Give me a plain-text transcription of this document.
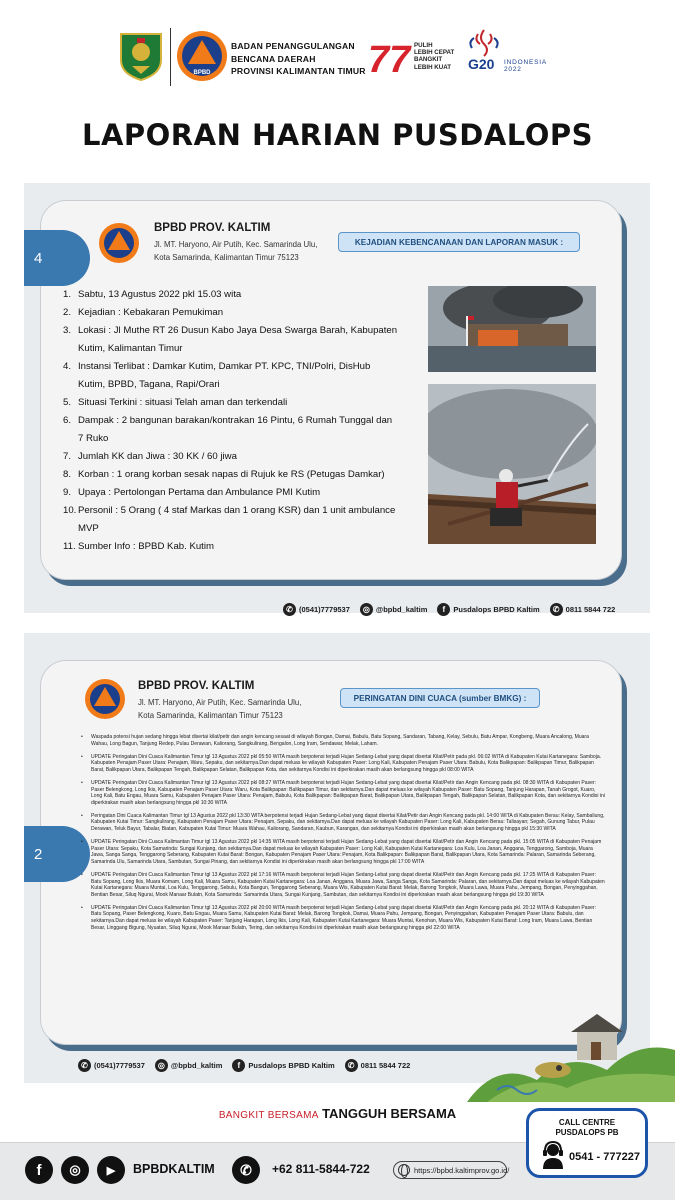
BPBD
BADAN PENANGGULANGAN
BENCANA DAERAH
PROVINSI KALIMANTAN TIMUR 77 PULIH
LEBIH CEPAT
BANGKIT
LEBIH KUAT G20 INDONESIA
2022
LAPORAN HARIAN PUSDALOPS
4
BPBD PROV. KALTIM
Jl. MT. Haryono, Air Putih, Kec. Samarinda Ulu,
Kota Samarinda, Kalimantan Timur 75123
KEJADIAN KEBENCANAAN DAN LAPORAN MASUK :
1. Sabtu, 13 Agustus 2022 pkl 15.03 wita
2. Kejadian : Kebakaran Pemukiman
3. Lokasi : Jl Muthe RT 26 Dusun Kabo Jaya Desa Swarga Barah, Kabupaten
Kutim, Kalimantan Timur
4. Instansi Terlibat : Damkar Kutim, Damkar PT. KPC, TNI/Polri, DisHub
Kutim, BPBD, Tagana, Rapi/Orari
5. Situasi Terkini : situasi Telah aman dan terkendali
6. Dampak : 2 bangunan barakan/kontrakan 16 Pintu, 6 Rumah Tunggal dan
7 Ruko
7. Jumlah KK dan Jiwa : 30 KK / 60 jiwa
8. Korban : 1 orang korban sesak napas di Rujuk ke RS (Petugas Damkar)
9. Upaya : Pertolongan Pertama dan Ambulance PMI Kutim
10. Personil : 5 Orang ( 4 staf Markas dan 1 orang KSR) dan 1 unit ambulance
MVP
11. Sumber Info : BPBD Kab. Kutim
✆ (0541)7779537	◎ @bpbd_kaltim	f	Pusdalops BPBD Kaltim	✆ 0811 5844 722
2
BPBD PROV. KALTIM
Jl. MT. Haryono, Air Putih, Kec. Samarinda Ulu,
Kota Samarinda, Kalimantan Timur 75123
PERINGATAN DINI CUACA (sumber BMKG) :
• Waspada potensi hujan sedang hingga lebat disertai kilat/petir dan angin kencang sesaat di wilayah Bongan, Damai, Babulu, Batu Sopang, Sandaran, Tabang, Kelay, Sebulu, Batu Ampar, Kongbeng, Muara Ancalong, Muara Wahau, Long Bagun, Tanjung Redep, Pulau Derawan, Kaliorang, Sangkulirang, Bengalon, Long Iram, Sendawar, Melak, Laham.
• UPDATE Peringatan Dini Cuaca Kalimantan Timur tgl 13 Agustus 2022 pkl 05:50 WITA masih berpotensi terjadi Hujan Sedang-Lebat yang dapat disertai Kilat/Petir pada pkl. 06:02 WITA di Kabupaten Kutai Kartanegara: Samboja. Kabupaten Penajam Paser Utara: Penajam, Waru, Sepaku, dan sekitarnya.Dan dapat meluas ke wilayah Kabupaten Paser: Long Kali, Kabupaten Penajam Paser Utara: Babulu, Kota Balikpapan: Balikpapan Timur, Balikpapan Barat, Balikpapan Utara, Balikpapan Tengah, Balikpapan Selatan, Balikpapan Kota, dan sekitarnya Kondisi ini diperkirakan masih akan berlangsung hingga pkl 08:00 WITA
• UPDATE Peringatan Dini Cuaca Kalimantan Timur tgl 13 Agustus 2022 pkl 08:27 WITA masih berpotensi terjadi Hujan Sedang-Lebat yang dapat disertai Kilat/Petir dan Angin Kencang pada pkl. 08:30 WITA di Kabupaten Paser: Paser Belengkong, Long Ikis, Kabupaten Penajam Paser Utara: Waru, Kota Balikpapan: Balikpapan Timur, dan sekitarnya.Dan dapat meluas ke wilayah Kabupaten Paser: Batu Sopang, Tanjung Harapan, Tanah Grogot, Kuaro, Long Kali, Batu Engau, Muara Samu, Kabupaten Penajam Paser Utara: Penajam, Babulu, Kota Balikpapan: Balikpapan Barat, Balikpapan Utara, Balikpapan Tengah, Balikpapan Selatan, Balikpapan Kota, dan sekitarnya Kondisi ini diperkirakan masih akan berlangsung hingga pkl 10:30 WITA
• Peringatan Dini Cuaca Kalimantan Timur tgl 13 Agustus 2022 pkl 13:30 WITA berpotensi terjadi Hujan Sedang-Lebat yang dapat disertai Kilat/Petir dan Angin Kencang pada pkl. 14:00 WITA di Kabupaten Berau: Kelay, Sambaliung, Kabupaten Kutai Timur: Sangkulirang, Kabupaten Penajam Paser Utara: Penajam, Sepaku, dan sekitarnya.Dan dapat meluas ke wilayah Kabupaten Paser: Long Kali, Kabupaten Berau: Talisayan; Segah, Gunung Tabur, Pulau Derawan, Teluk Bayur, Tabalar, Biatan, Kabupaten Kutai Timur: Muara Wahau, Kaliorang, Sandaran, Kaubun, Karangan, dan sekitarnya Kondisi ini diperkirakan masih akan berlangsung hingga pkl 15:30 WITA
• UPDATE Peringatan Dini Cuaca Kalimantan Timur tgl 13 Agustus 2022 pkl 14:35 WITA masih berpotensi terjadi Hujan Sedang-Lebat yang dapat disertai Kilat/Petir dan Angin Kencang pada pkl. 15:05 WITA di Kabupaten Penajam Paser Utara: Sepaku, Kota Samarinda: Sungai Kunjang, dan sekitarnya.Dan dapat meluas ke wilayah Kabupaten Paser: Long Kali, Kabupaten Kutai Kartanegara: Loa Kulu, Loa Janan, Anggana, Tenggarong, Samboja, Muara Jawa, Sanga Sanga, Tenggarong Seberang, Kabupaten Kutai Barat: Bongan, Kabupaten Penajam Paser Utara: Penajam, Kota Balikpapan: Balikpapan Barat, Balikpapan Utara, Kota Samarinda: Palaran, Samarinda Seberang, Samarinda Ulu, Samarinda Utara, Sambutan, Sungai Pinang, dan sekitarnya Kondisi ini diperkirakan masih akan berlangsung hingga pkl 17:00 WITA
• UPDATE Peringatan Dini Cuaca Kalimantan Timur tgl 13 Agustus 2022 pkl 17:16 WITA masih berpotensi terjadi Hujan Sedang-Lebat yang dapat disertai Kilat/Petir dan Angin Kencang pada pkl. 17:25 WITA di Kabupaten Paser: Batu Sopang, Long Ikis, Muara Komam, Long Kali, Muara Samu, Kabupaten Kutai Kartanegara: Loa Janan, Anggana, Muara Jawa, Sanga Sanga, Kota Samarinda: Palaran, dan sekitarnya.Dan dapat meluas ke wilayah Kabupaten Kutai Kartanegara: Muara Muntai, Loa Kulu, Tenggarong, Sebulu, Kota Bangun, Tenggarong Seberang, Muara Wis, Kabupaten Kutai Barat: Melak, Barong Tongkok, Muara Lawa, Muara Pahu, Jempang, Bongan, Penyinggahan, Bentian Besar, Siluq Ngurai, Mook Manaar Bulatn, Kota Samarinda: Samarinda Utara, Sungai Kunjang, Sambutan, dan sekitarnya Kondisi ini diperkirakan masih akan berlangsung hingga pkl 19:30 WITA
• UPDATE Peringatan Dini Cuaca Kalimantan Timur tgl 13 Agustus 2022 pkl 20:00 WITA masih berpotensi terjadi Hujan Sedang-Lebat yang dapat disertai Kilat/Petir dan Angin Kencang pada pkl. 20:12 WITA di Kabupaten Paser: Batu Sopang, Paser Belengkong, Kuaro, Batu Engau, Muara Samu, Kabupaten Kutai Barat: Melak, Barong Tongkok, Damai, Muara Pahu, Jempang, Bongan, Penyinggahan, Kabupaten Penajam Paser Utara: Babulu, dan sekitarnya.Dan dapat meluas ke wilayah Kabupaten Paser: Tanjung Harapan, Long Ikis, Long Kali, Kabupaten Kutai Kartanegara: Muara Muntai, Kenohan, Muara Wis, Kabupaten Kutai Barat: Long Iram, Muara Lawa, Bentian Besar, Linggang Bigung, Nyuatan, Siluq Ngurai, Mook Manaar Bulatn, Tering, dan sekitarnya Kondisi ini diperkirakan masih akan berlangsung hingga pkl 22:00 WITA
✆ (0541)7779537	◎ @bpbd_kaltim	f	Pusdalops BPBD Kaltim	✆ 0811 5844 722
BANGKIT BERSAMA TANGGUH BERSAMA
f	◎	▶	BPBDKALTIM	✆	+62 811-5844-722	https://bpbd.kaltimprov.go.id/
CALL CENTRE
PUSDALOPS PB
0541 - 777227
